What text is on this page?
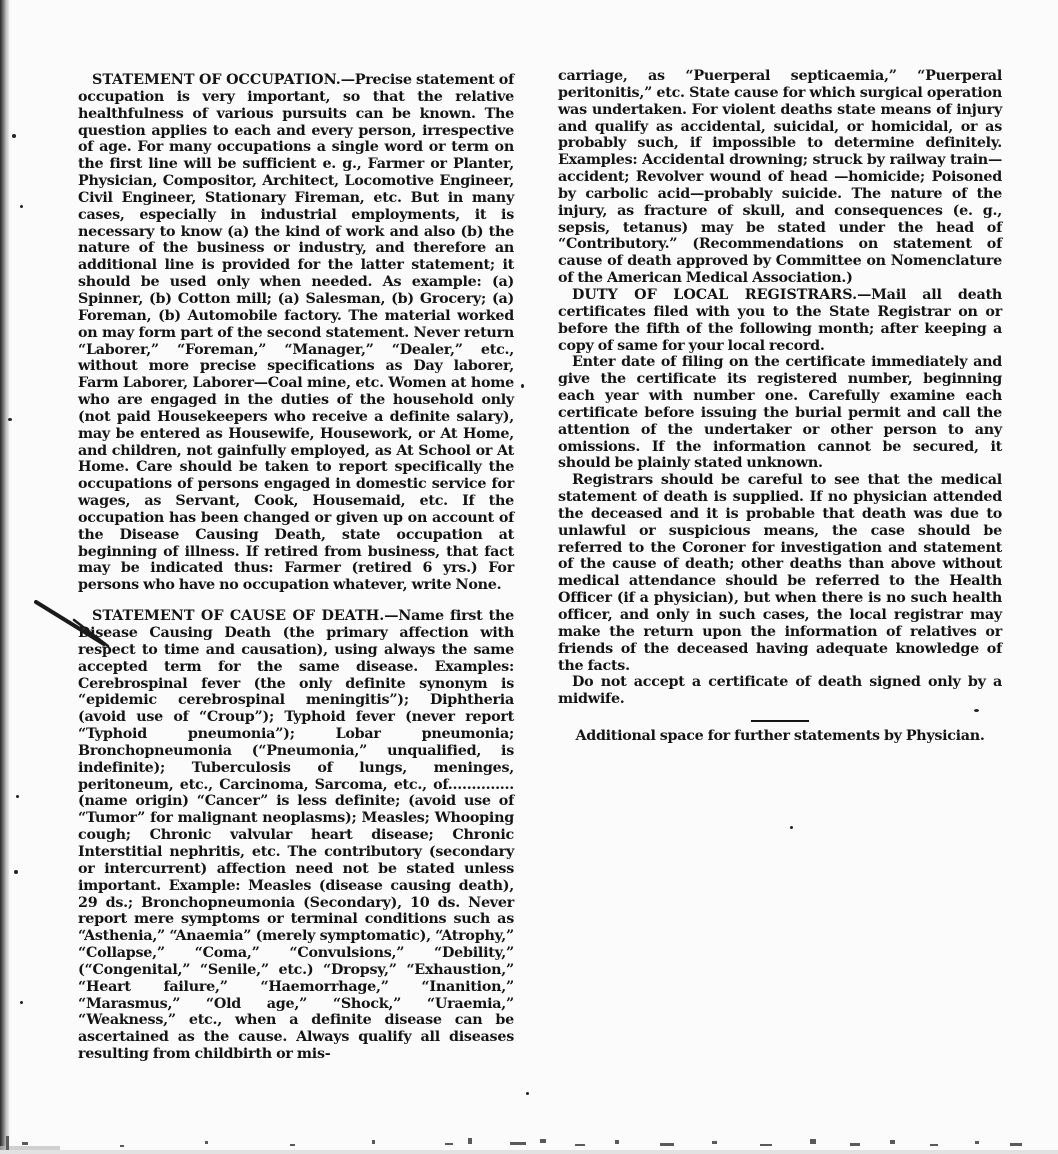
STATEMENT OF OCCUPATION.—Precise statement of occupation is very important, so that the relative healthfulness of various pursuits can be known. The question applies to each and every person, irrespective of age. For many occupations a single word or term on the first line will be sufficient e. g., Farmer or Planter, Physician, Compositor, Architect, Locomotive Engineer, Civil Engineer, Stationary Fireman, etc. But in many cases, especially in industrial employments, it is necessary to know (a) the kind of work and also (b) the nature of the business or industry, and therefore an additional line is provided for the latter statement; it should be used only when needed. As example: (a) Spinner, (b) Cotton mill; (a) Salesman, (b) Grocery; (a) Foreman, (b) Automobile factory. The material worked on may form part of the second statement. Never return “Laborer,” “Foreman,” “Manager,” “Dealer,” etc., without more precise specifications as Day laborer, Farm Laborer, Laborer—Coal mine, etc. Women at home who are engaged in the duties of the household only (not paid Housekeepers who receive a definite salary), may be entered as Housewife, Housework, or At Home, and children, not gainfully employed, as At School or At Home. Care should be taken to report specifically the occupations of persons engaged in domestic service for wages, as Servant, Cook, Housemaid, etc. If the occupation has been changed or given up on account of the Disease Causing Death, state occupation at beginning of illness. If retired from business, that fact may be indicated thus: Farmer (retired 6 yrs.) For persons who have no occupation whatever, write None.

STATEMENT OF CAUSE OF DEATH.—Name first the Disease Causing Death (the primary affection with respect to time and causation), using always the same accepted term for the same disease. Examples: Cerebrospinal fever (the only definite synonym is “epidemic cerebrospinal meningitis”); Diphtheria (avoid use of “Croup”); Typhoid fever (never report “Typhoid pneumonia”); Lobar pneumonia; Bronchopneumonia (“Pneumonia,” unqualified, is indefinite); Tuberculosis of lungs, meninges, peritoneum, etc., Carcinoma, Sarcoma, etc., of.............. (name origin) “Cancer” is less definite; (avoid use of “Tumor” for malignant neoplasms); Measles; Whooping cough; Chronic valvular heart disease; Chronic Interstitial nephritis, etc. The contributory (secondary or intercurrent) affection need not be stated unless important. Example: Measles (disease causing death), 29 ds.; Bronchopneumonia (Secondary), 10 ds. Never report mere symptoms or terminal conditions such as “Asthenia,” “Anaemia” (merely symptomatic), “Atrophy,” “Collapse,” “Coma,” “Convulsions,” “Debility,” (“Congenital,” “Senile,” etc.) “Dropsy,” “Exhaustion,” “Heart failure,” “Haemorrhage,” “Inanition,” “Marasmus,” “Old age,” “Shock,” “Uraemia,” “Weakness,” etc., when a definite disease can be ascertained as the cause. Always qualify all diseases resulting from childbirth or mis-

carriage, as “Puerperal septicaemia,” “Puerperal peritonitis,” etc. State cause for which surgical operation was undertaken. For violent deaths state means of injury and qualify as accidental, suicidal, or homicidal, or as probably such, if impossible to determine definitely. Examples: Accidental drowning; struck by railway train—accident; Revolver wound of head —homicide; Poisoned by carbolic acid—probably suicide. The nature of the injury, as fracture of skull, and consequences (e. g., sepsis, tetanus) may be stated under the head of “Contributory.” (Recommendations on statement of cause of death approved by Committee on Nomenclature of the American Medical Association.)

DUTY OF LOCAL REGISTRARS.—Mail all death certificates filed with you to the State Registrar on or before the fifth of the following month; after keeping a copy of same for your local record.

Enter date of filing on the certificate immediately and give the certificate its registered number, beginning each year with number one. Carefully examine each certificate before issuing the burial permit and call the attention of the undertaker or other person to any omissions. If the information cannot be secured, it should be plainly stated unknown.

Registrars should be careful to see that the medical statement of death is supplied. If no physician attended the deceased and it is probable that death was due to unlawful or suspicious means, the case should be referred to the Coroner for investigation and statement of the cause of death; other deaths than above without medical attendance should be referred to the Health Officer (if a physician), but when there is no such health officer, and only in such cases, the local registrar may make the return upon the information of relatives or friends of the deceased having adequate knowledge of the facts.

Do not accept a certificate of death signed only by a midwife.

Additional space for further statements by Physician.
